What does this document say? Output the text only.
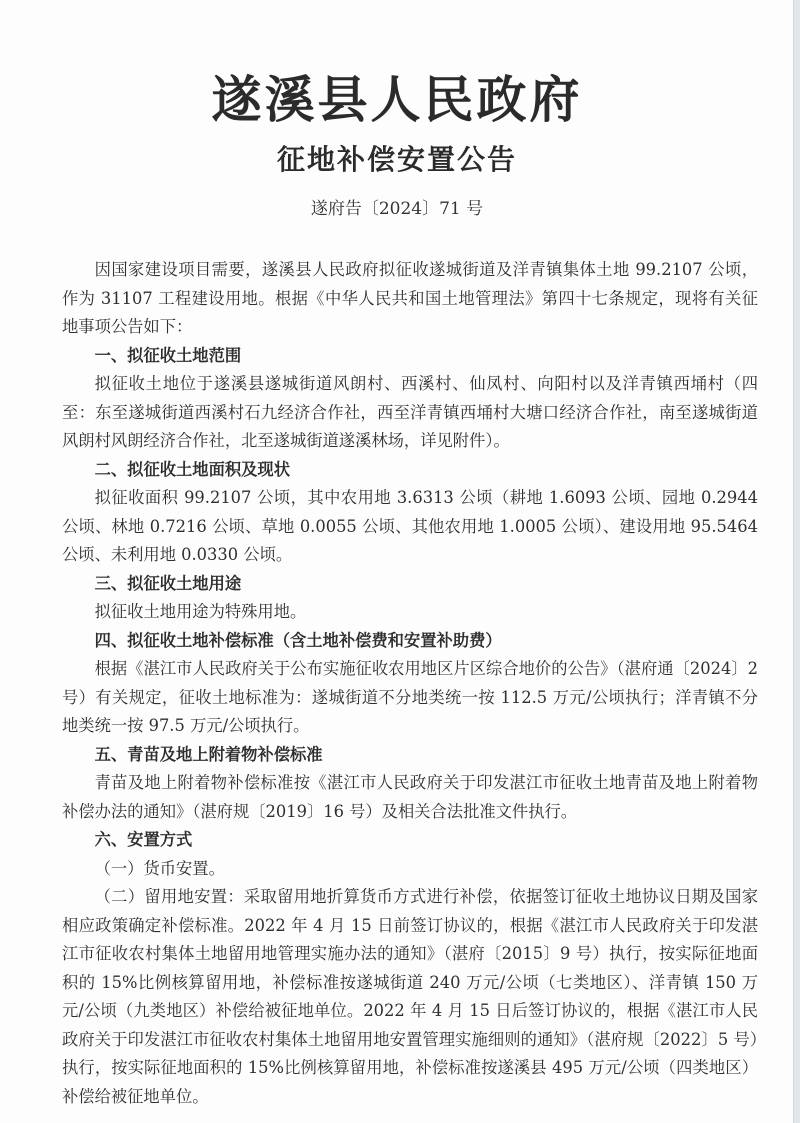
遂溪县人民政府
征地补偿安置公告
遂府告〔2024〕71 号

因国家建设项目需要，遂溪县人民政府拟征收遂城街道及洋青镇集体土地 99.2107 公顷，作为 31107 工程建设用地。根据《中华人民共和国土地管理法》第四十七条规定，现将有关征地事项公告如下：

一、拟征收土地范围

拟征收土地位于遂溪县遂城街道风朗村、西溪村、仙凤村、向阳村以及洋青镇西埇村（四至：东至遂城街道西溪村石九经济合作社，西至洋青镇西埇村大塘口经济合作社，南至遂城街道风朗村风朗经济合作社，北至遂城街道遂溪林场，详见附件）。

二、拟征收土地面积及现状

拟征收面积 99.2107 公顷，其中农用地 3.6313 公顷（耕地 1.6093 公顷、园地 0.2944 公顷、林地 0.7216 公顷、草地 0.0055 公顷、其他农用地 1.0005 公顷）、建设用地 95.5464 公顷、未利用地 0.0330 公顷。

三、拟征收土地用途

拟征收土地用途为特殊用地。

四、拟征收土地补偿标准（含土地补偿费和安置补助费）

根据《湛江市人民政府关于公布实施征收农用地区片区综合地价的公告》（湛府通〔2024〕2 号）有关规定，征收土地标准为：遂城街道不分地类统一按 112.5 万元/公顷执行；洋青镇不分地类统一按 97.5 万元/公顷执行。

五、青苗及地上附着物补偿标准

青苗及地上附着物补偿标准按《湛江市人民政府关于印发湛江市征收土地青苗及地上附着物补偿办法的通知》（湛府规〔2019〕16 号）及相关合法批准文件执行。

六、安置方式

（一）货币安置。

（二）留用地安置：采取留用地折算货币方式进行补偿，依据签订征收土地协议日期及国家相应政策确定补偿标准。2022 年 4 月 15 日前签订协议的，根据《湛江市人民政府关于印发湛江市征收农村集体土地留用地管理实施办法的通知》（湛府〔2015〕9 号）执行，按实际征地面积的 15%比例核算留用地，补偿标准按遂城街道 240 万元/公顷（七类地区）、洋青镇 150 万元/公顷（九类地区）补偿给被征地单位。2022 年 4 月 15 日后签订协议的，根据《湛江市人民政府关于印发湛江市征收农村集体土地留用地安置管理实施细则的通知》（湛府规〔2022〕5 号）执行，按实际征地面积的 15%比例核算留用地，补偿标准按遂溪县 495 万元/公顷（四类地区）补偿给被征地单位。
